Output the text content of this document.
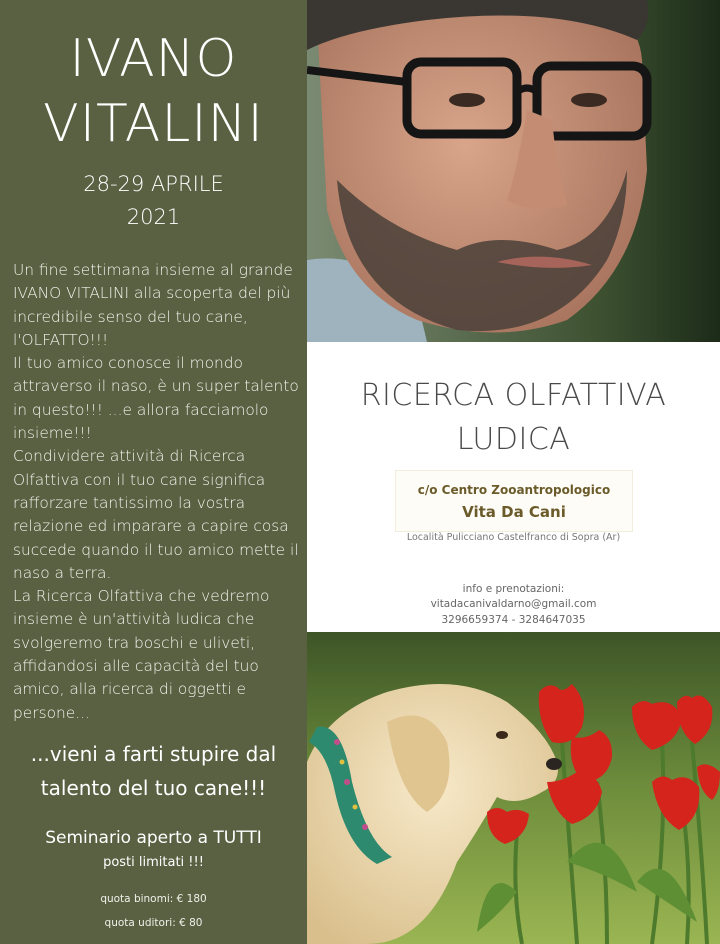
IVANO
VITALINI
28-29 APRILE
2021

Un fine settimana insieme al grande IVANO VITALINI alla scoperta del più incredibile senso del tuo cane, l'OLFATTO!!!

Il tuo amico conosce il mondo attraverso il naso, è un super talento in questo!!! ...e allora facciamolo insieme!!!

Condividere attività di Ricerca Olfattiva con il tuo cane significa rafforzare tantissimo la vostra relazione ed imparare a capire cosa succede quando il tuo amico mette il naso a terra.

La Ricerca Olfattiva che vedremo insieme è un'attività ludica che svolgeremo tra boschi e uliveti, affidandosi alle capacità del tuo amico, alla ricerca di oggetti e persone...

...vieni a farti stupire dal
talento del tuo cane!!!
Seminario aperto a TUTTI
posti limitati !!!
quota binomi: € 180
quota uditori: € 80
RICERCA OLFATTIVA
LUDICA
c/o Centro Zooantropologico
Vita Da Cani
Località Pulicciano Castelfranco di Sopra (Ar)
info e prenotazioni:
vitadacanivaldarno@gmail.com
3296659374 - 3284647035
